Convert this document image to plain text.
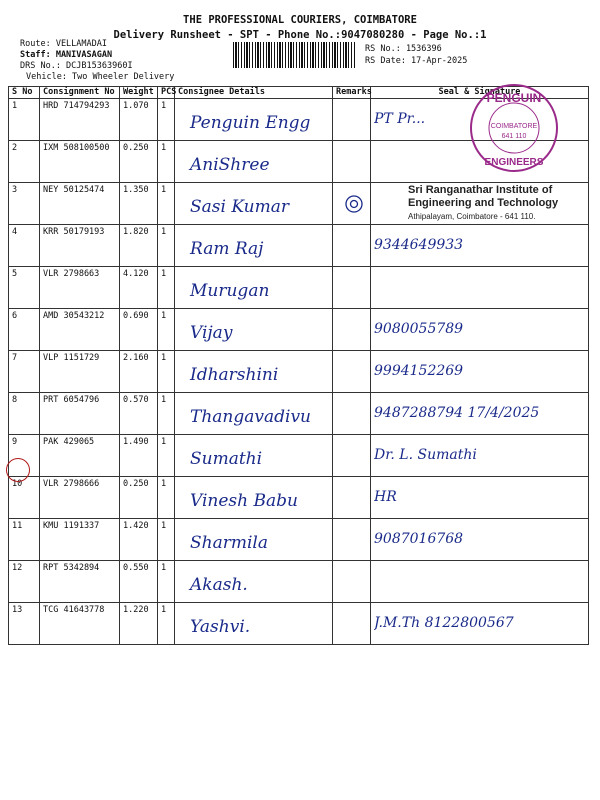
THE PROFESSIONAL COURIERS, COIMBATORE
Delivery Runsheet - SPT - Phone No.:9047080280 - Page No.:1
Route: VELLAMADAI
Staff: MANIVASAGAN
DRS No.: DCJB15363960I
Vehicle: Two Wheeler Delivery
RS No.: 1536396
RS Date: 17-Apr-2025
S No	Consignment No	Weight	PCS	Consignee Details	Remarks	Seal & Signature
1	HRD 714794293	1.070	1	Penguin Engg		PT Pr...

2	IXM 508100500	0.250	1	AniShree		

3	NEY 50125474	1.350	1	Sasi Kumar		

4	KRR 50179193	1.820	1	Ram Raj		9344649933

5	VLR 2798663	4.120	1	Murugan		

6	AMD 30543212	0.690	1	Vijay		9080055789

7	VLP 1151729	2.160	1	Idharshini		9994152269

8	PRT 6054796	0.570	1	Thangavadivu		9487288794 17/4/2025

9	PAK 429065	1.490	1	Sumathi		Dr. L. Sumathi

10	VLR 2798666	0.250	1	Vinesh Babu		HR

11	KMU 1191337	1.420	1	Sharmila		9087016768

12	RPT 5342894	0.550	1	Akash.		

13	TCG 41643778	1.220	1	Yashvi.		J.M.Th 8122800567
PENGUIN
COIMBATORE
641 110
ENGINEERS
Sri Ranganathar Institute of
Engineering and Technology
Athipalayam, Coimbatore - 641 110.
